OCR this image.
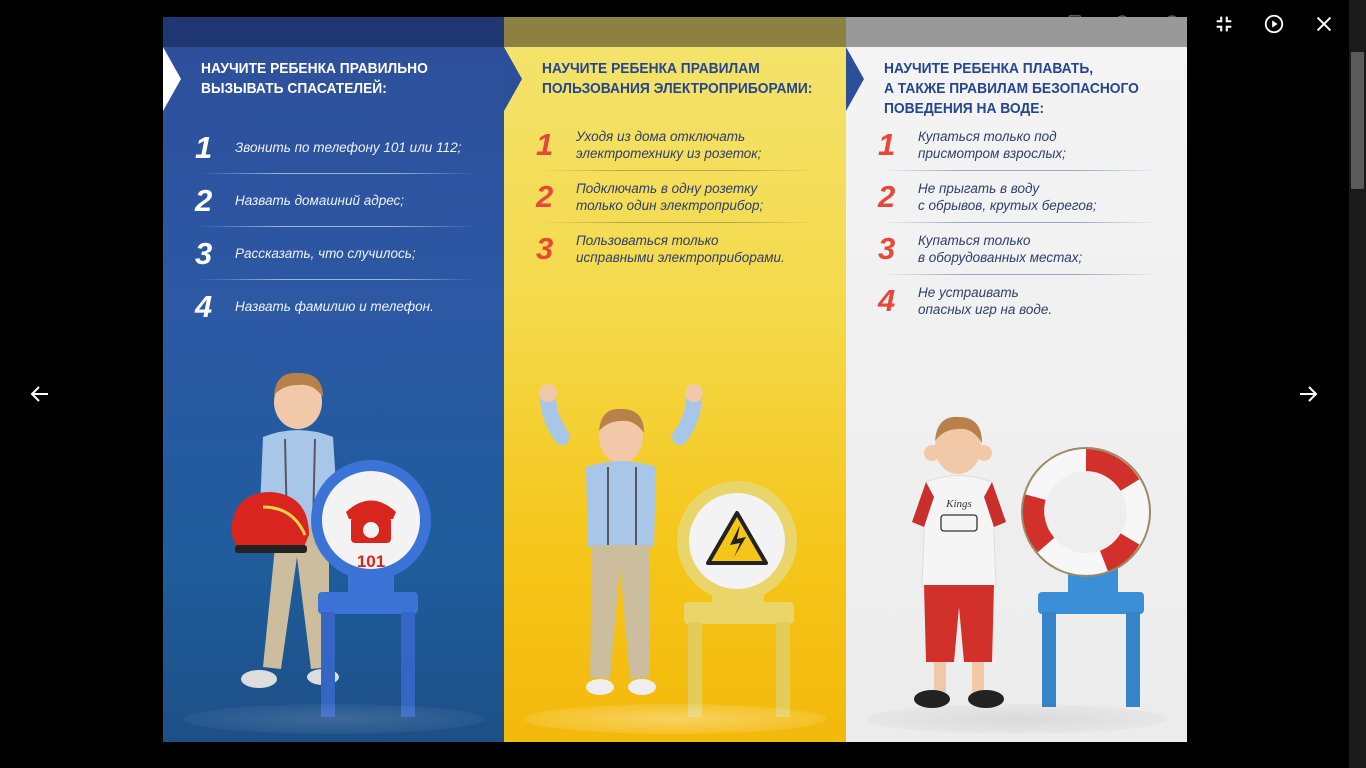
НАУЧИТЕ РЕБЕНКА ПРАВИЛЬНО
ВЫЗЫВАТЬ СПАСАТЕЛЕЙ:
1	Звонить по телефону 101 или 112;
2	Назвать домашний адрес;
3	Рассказать, что случилось;
4	Назвать фамилию и телефон.
101
НАУЧИТЕ РЕБЕНКА ПРАВИЛАМ
ПОЛЬЗОВАНИЯ ЭЛЕКТРОПРИБОРАМИ:
1	Уходя из дома отключать
электротехнику из розеток;
2	Подключать в одну розетку
только один электроприбор;
3	Пользоваться только
исправными электроприборами.
НАУЧИТЕ РЕБЕНКА ПЛАВАТЬ,
А ТАКЖЕ ПРАВИЛАМ БЕЗОПАСНОГО
ПОВЕДЕНИЯ НА ВОДЕ:
1	Купаться только под
присмотром взрослых;
2	Не прыгать в воду
с обрывов, крутых берегов;
3	Купаться только
в оборудованных местах;
4	Не устраивать
опасных игр на воде.
Kings
